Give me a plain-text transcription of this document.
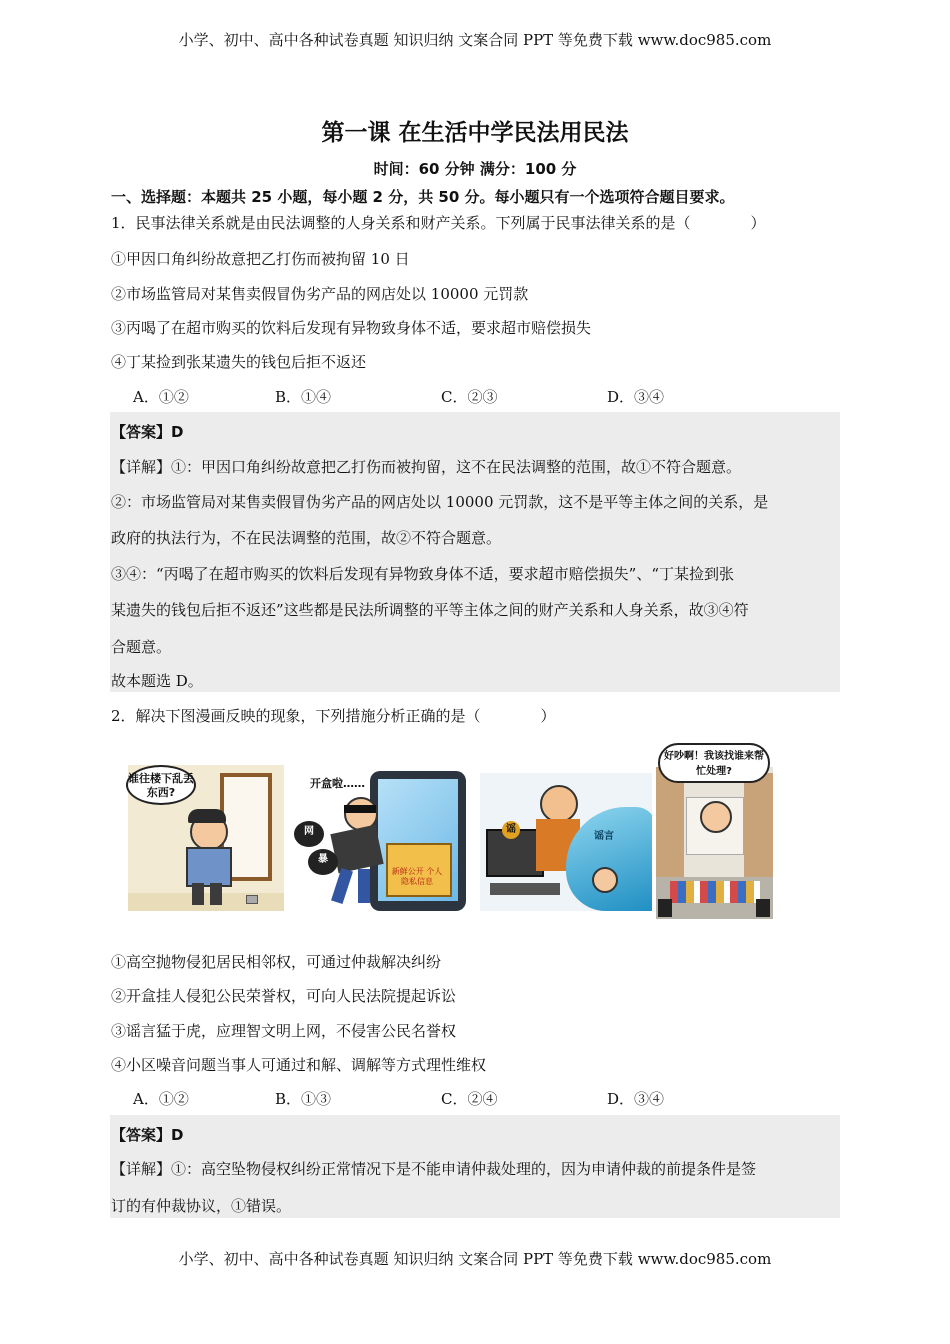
小学、初中、高中各种试卷真题 知识归纳 文案合同 PPT 等免费下载 www.doc985.com
第一课 在生活中学民法用民法
时间：60 分钟 满分：100 分
一、选择题：本题共 25 小题，每小题 2 分，共 50 分。每小题只有一个选项符合题目要求。
1．民事法律关系就是由民法调整的人身关系和财产关系。下列属于民事法律关系的是（　　　　）
①甲因口角纠纷故意把乙打伤而被拘留 10 日
②市场监管局对某售卖假冒伪劣产品的网店处以 10000 元罚款
③丙喝了在超市购买的饮料后发现有异物致身体不适，要求超市赔偿损失
④丁某捡到张某遗失的钱包后拒不返还
A．①②	B．①④	C．②③	D．③④
【答案】D
【详解】①：甲因口角纠纷故意把乙打伤而被拘留，这不在民法调整的范围，故①不符合题意。
②：市场监管局对某售卖假冒伪劣产品的网店处以 10000 元罚款，这不是平等主体之间的关系，是
政府的执法行为，不在民法调整的范围，故②不符合题意。
③④：“丙喝了在超市购买的饮料后发现有异物致身体不适，要求超市赔偿损失”、“丁某捡到张
某遗失的钱包后拒不返还”这些都是民法所调整的平等主体之间的财产关系和人身关系，故③④符
合题意。
故本题选 D。
2．解决下图漫画反映的现象，下列措施分析正确的是（　　　　）
谁往楼下乱丢东西?
开盒啦……
网
暴
新鲜公开 个人隐私信息
谣
谣言
好吵啊！我该找谁来帮忙处理?
①高空抛物侵犯居民相邻权，可通过仲裁解决纠纷
②开盒挂人侵犯公民荣誉权，可向人民法院提起诉讼
③谣言猛于虎，应理智文明上网，不侵害公民名誉权
④小区噪音问题当事人可通过和解、调解等方式理性维权
A．①②	B．①③	C．②④	D．③④
【答案】D
【详解】①：高空坠物侵权纠纷正常情况下是不能申请仲裁处理的，因为申请仲裁的前提条件是签
订的有仲裁协议，①错误。
小学、初中、高中各种试卷真题 知识归纳 文案合同 PPT 等免费下载 www.doc985.com
